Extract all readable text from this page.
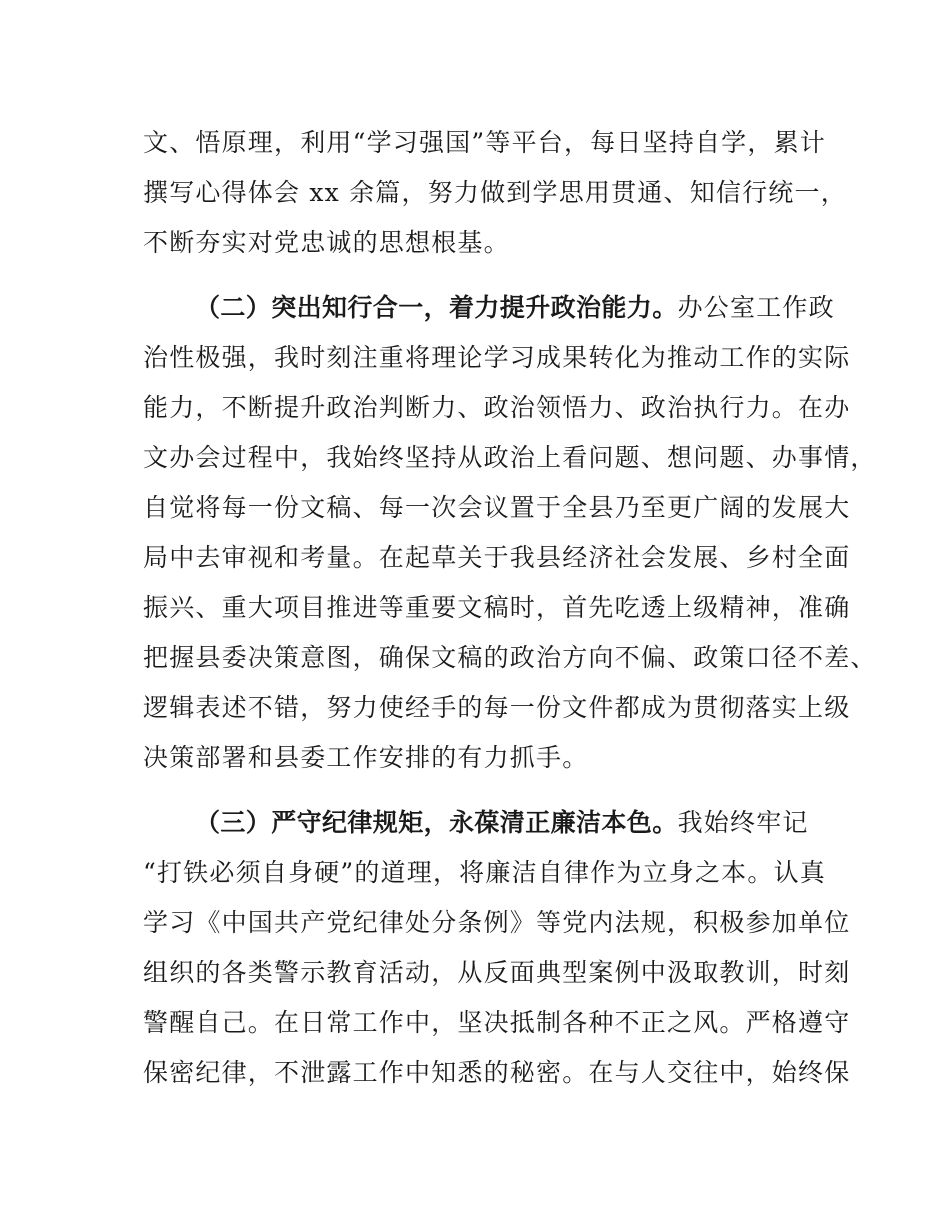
文、悟原理，利用“学习强国”等平台，每日坚持自学，累计
撰写心得体会 xx 余篇，努力做到学思用贯通、知信行统一，
不断夯实对党忠诚的思想根基。
（二）突出知行合一，着力提升政治能力。办公室工作政
治性极强，我时刻注重将理论学习成果转化为推动工作的实际
能力，不断提升政治判断力、政治领悟力、政治执行力。在办
文办会过程中，我始终坚持从政治上看问题、想问题、办事情，
自觉将每一份文稿、每一次会议置于全县乃至更广阔的发展大
局中去审视和考量。在起草关于我县经济社会发展、乡村全面
振兴、重大项目推进等重要文稿时，首先吃透上级精神，准确
把握县委决策意图，确保文稿的政治方向不偏、政策口径不差、
逻辑表述不错，努力使经手的每一份文件都成为贯彻落实上级
决策部署和县委工作安排的有力抓手。
（三）严守纪律规矩，永葆清正廉洁本色。我始终牢记
“打铁必须自身硬”的道理，将廉洁自律作为立身之本。认真
学习《中国共产党纪律处分条例》等党内法规，积极参加单位
组织的各类警示教育活动，从反面典型案例中汲取教训，时刻
警醒自己。在日常工作中，坚决抵制各种不正之风。严格遵守
保密纪律，不泄露工作中知悉的秘密。在与人交往中，始终保
